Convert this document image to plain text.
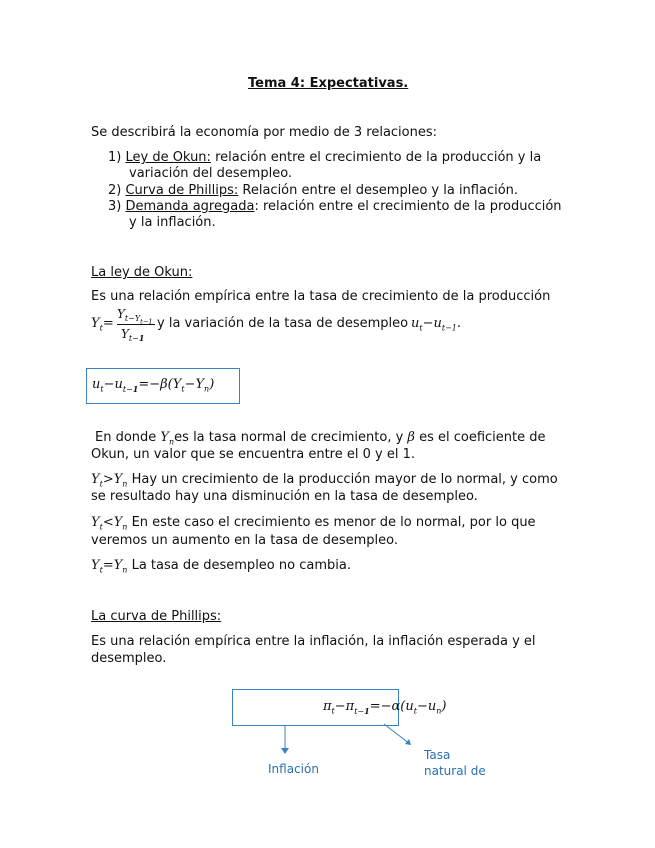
Tema 4: Expectativas.
Se describirá la economía por medio de 3 relaciones:
1) Ley de Okun: relación entre el crecimiento de la producción y la
variación del desempleo.
2) Curva de Phillips: Relación entre el desempleo y la inflación.
3) Demanda agregada: relación entre el crecimiento de la producción
y la inflación.
La ley de Okun:
Es una relación empírica entre la tasa de crecimiento de la producción
$Y_t=$
$Y_{t-Y_{t-1}}$
$Y_{t-1}$
y la variación de la tasa de desempleo $u_t-u_{t-1}$.
$u_t-u_{t-1}=-\beta(Y_t-Y_n)$
En donde $Y_nes$ la tasa normal de crecimiento, y β es el coeficiente de
Okun, un valor que se encuentra entre el 0 y el 1.
$Y_t>Y_n$ Hay un crecimiento de la producción mayor de lo normal, y como
se resultado hay una disminución en la tasa de desempleo.
$Y_t<Y_n$ En este caso el crecimiento es menor de lo normal, por lo que
veremos un aumento en la tasa de desempleo.
$Y_t=Y_n$ La tasa de desempleo no cambia.
La curva de Phillips:
Es una relación empírica entre la inflación, la inflación esperada y el
desempleo.
$\pi_t-\pi_{t-1}=-\alpha(u_t-u_n)$
Inflación
Tasa
natural de
